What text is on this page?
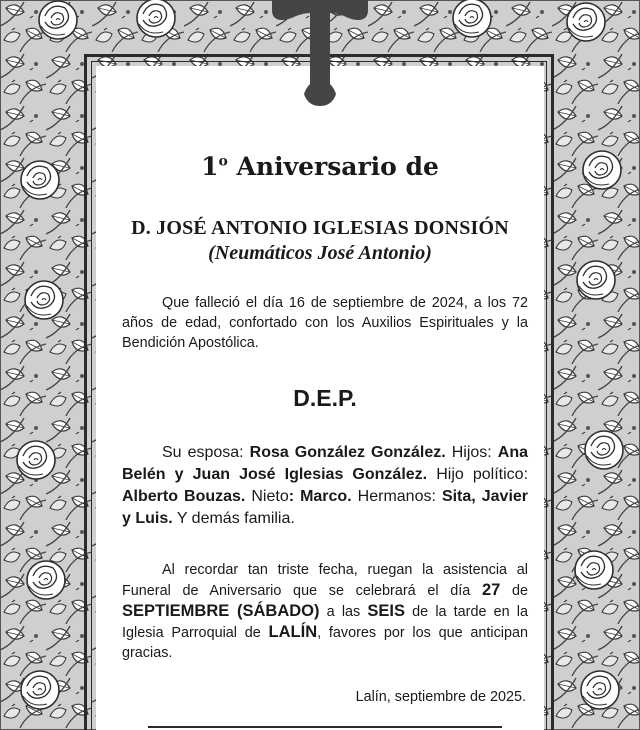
1$^o$ Aniversario de
D. JOSÉ ANTONIO IGLESIAS DONSIÓN
(Neumáticos José Antonio)
Que falleció el día 16 de septiembre de 2024, a los 72 años de edad, confortado con los Auxilios Espirituales y la Bendición Apostólica.
D.E.P.
Su esposa: Rosa González González. Hijos: Ana Belén y Juan José Iglesias González. Hijo político: Alberto Bouzas. Nieto: Marco. Hermanos: Sita, Javier y Luis. Y demás familia.
Al recordar tan triste fecha, ruegan la asistencia al Funeral de Aniversario que se celebrará el día 27 de SEPTIEMBRE (SÁBADO) a las SEIS de la tarde en la Iglesia Parroquial de LALÍN, favores por los que anticipan gracias.
Lalín, septiembre de 2025.
